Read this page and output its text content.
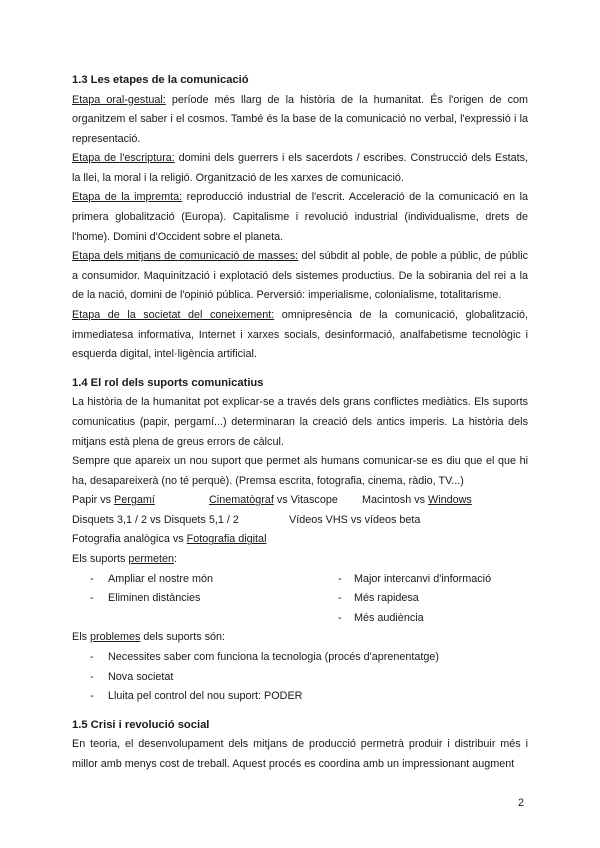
1.3 Les etapes de la comunicació

Etapa oral-gestual: període més llarg de la història de la humanitat. És l'origen de com organitzem el saber i el cosmos. També és la base de la comunicació no verbal, l'expressió i la representació.

Etapa de l'escriptura: domini dels guerrers i els sacerdots / escribes. Construcció dels Estats, la llei, la moral i la religió. Organització de les xarxes de comunicació.

Etapa de la impremta: reproducció industrial de l'escrit. Acceleració de la comunicació en la primera globalització (Europa). Capitalisme i revolució industrial (individualisme, drets de l'home). Domini d'Occident sobre el planeta.

Etapa dels mitjans de comunicació de masses: del súbdit al poble, de poble a públic, de públic a consumidor. Maquinització i explotació dels sistemes productius. De la sobirania del rei a la de la nació, domini de l'opinió pública. Perversió: imperialisme, colonialisme, totalitarisme.

Etapa de la societat del coneixement: omnipresència de la comunicació, globalització, immediatesa informativa, Internet i xarxes socials, desinformació, analfabetisme tecnològic i esquerda digital, intel·ligència artificial.

1.4 El rol dels suports comunicatius

La història de la humanitat pot explicar-se a través dels grans conflictes mediàtics. Els suports comunicatius (papir, pergamí...) determinaran la creació dels antics imperis. La història dels mitjans està plena de greus errors de càlcul.

Sempre que apareix un nou suport que permet als humans comunicar-se es diu que el que hi ha, desapareixerà (no té perquè). (Premsa escrita, fotografia, cinema, ràdio, TV...)

Papir vs Pergamí	Cinematògraf vs Vitascope Macintosh vs Windows
Disquets 3,1 / 2 vs Disquets 5,1 / 2	Vídeos VHS vs vídeos beta
Fotografia analògica vs Fotografia digital
Els suports permeten:
- Ampliar el nostre món	- Major intercanvi d'informació
- Eliminen distàncies	- Més rapidesa
- Més audiència
Els problemes dels suports són:
- Necessites saber com funciona la tecnologia (procés d'aprenentatge)
- Nova societat
- Lluita pel control del nou suport: PODER

1.5 Crisi i revolució social

En teoria, el desenvolupament dels mitjans de producció permetrà produir i distribuir més i millor amb menys cost de treball. Aquest procés es coordina amb un impressionant augment

2
